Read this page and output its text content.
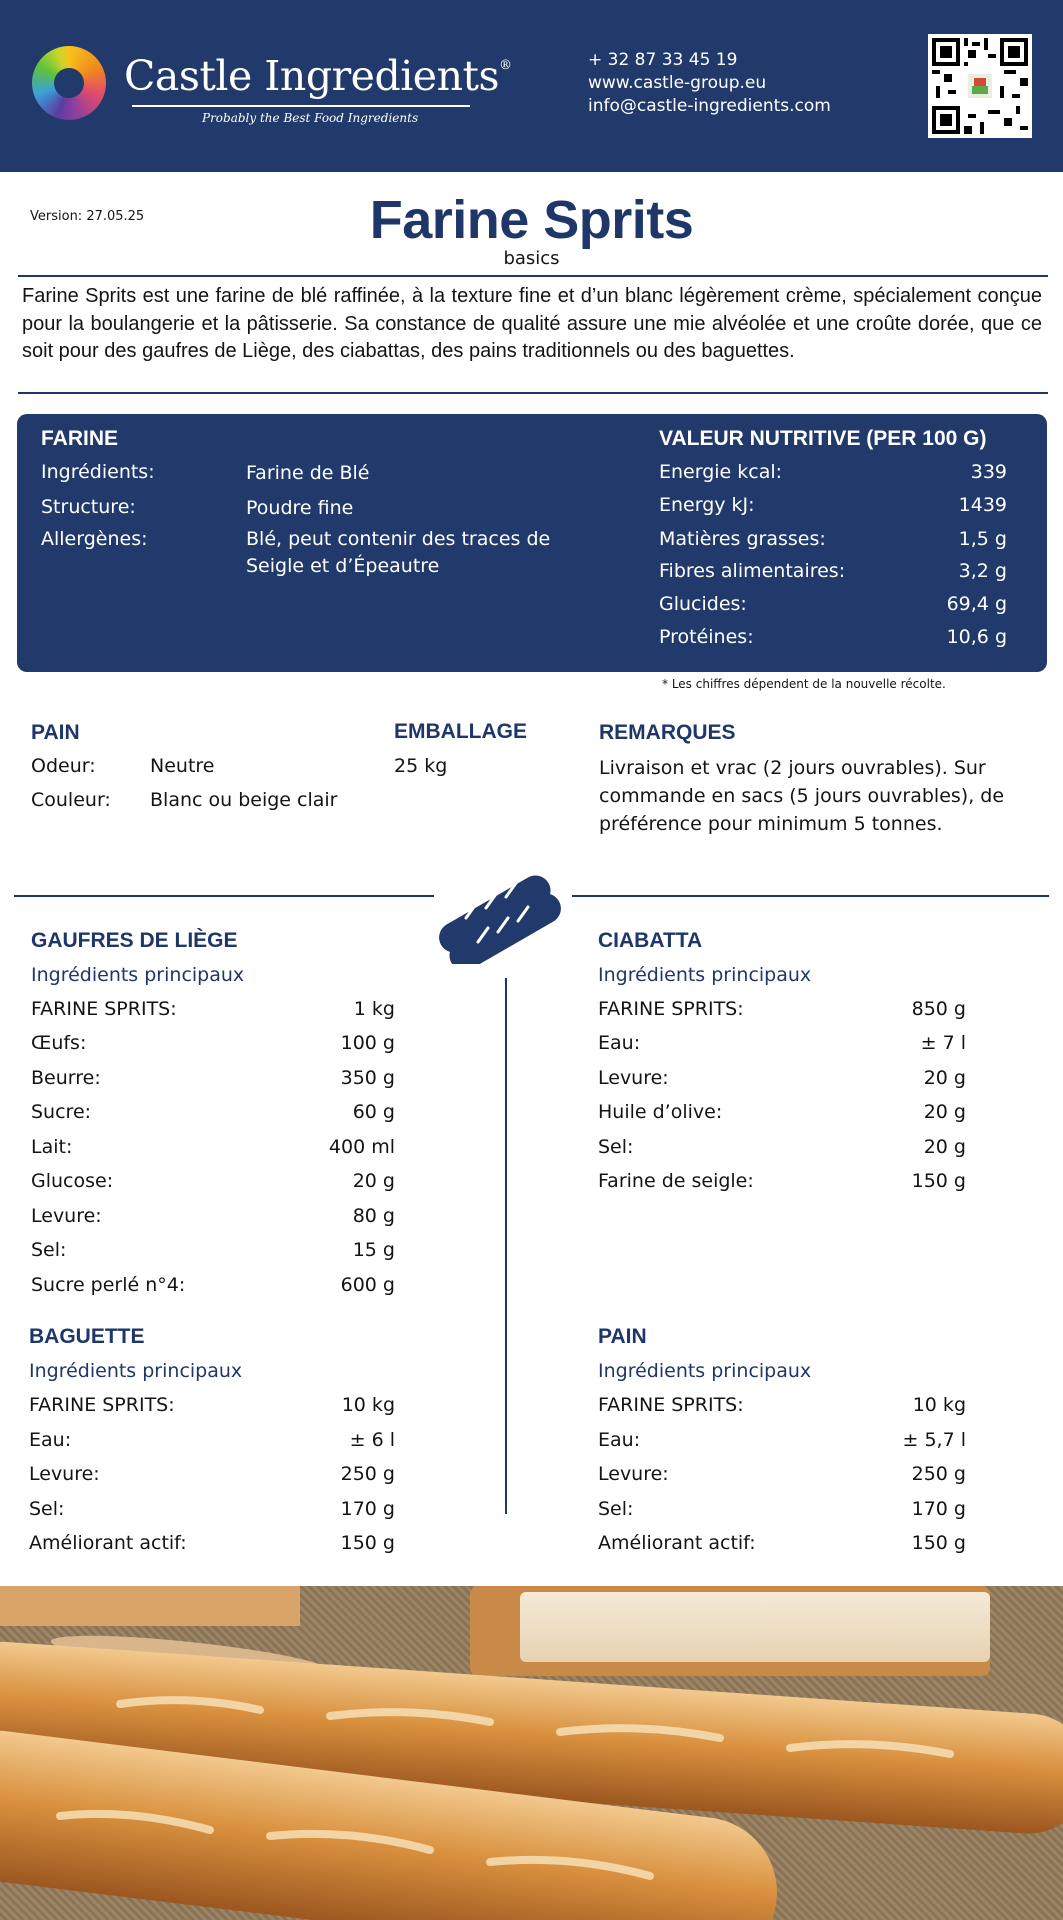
Castle Ingredients®
Probably the Best Food Ingredients
+ 32 87 33 45 19
www.castle-group.eu
info@castle-ingredients.com
Version: 27.05.25	Farine Sprits
basics
Farine Sprits est une farine de blé raffinée, à la texture fine et d’un blanc légèrement crème, spécialement conçue pour la boulangerie et la pâtisserie. Sa constance de qualité assure une mie alvéolée et une croûte dorée, que ce soit pour des gaufres de Liège, des ciabattas, des pains traditionnels ou des baguettes.
FARINE
Ingrédients:	Farine de Blé
Structure:	Poudre fine
Allergènes:	Blé, peut contenir des traces de Seigle et d’Épeautre
VALEUR NUTRITIVE (PER 100 G)
Energie kcal:	339
Energy kJ:	1439
Matières grasses:	1,5 g
Fibres alimentaires:	3,2 g
Glucides:	69,4 g
Protéines:	10,6 g
* Les chiffres dépendent de la nouvelle récolte.
PAIN
Odeur:	Neutre
Couleur: Blanc ou beige clair
EMBALLAGE
25 kg
REMARQUES
Livraison et vrac (2 jours ouvrables). Sur commande en sacs (5 jours ouvrables), de préférence pour minimum 5 tonnes.
GAUFRES DE LIÈGE
Ingrédients principaux
FARINE SPRITS:	1 kg
Œufs:	100 g
Beurre:	350 g
Sucre:	60 g
Lait:	400 ml
Glucose:	20 g
Levure:	80 g
Sel:	15 g
Sucre perlé n°4:	600 g
CIABATTA
Ingrédients principaux
FARINE SPRITS:	850 g
Eau:	± 7 l
Levure:	20 g
Huile d’olive:	20 g
Sel:	20 g
Farine de seigle:	150 g
BAGUETTE
Ingrédients principaux
FARINE SPRITS:	10 kg
Eau:	± 6 l
Levure:	250 g
Sel:	170 g
Améliorant actif:	150 g
PAIN
Ingrédients principaux
FARINE SPRITS:	10 kg
Eau:	± 5,7 l
Levure:	250 g
Sel:	170 g
Améliorant actif:	150 g
